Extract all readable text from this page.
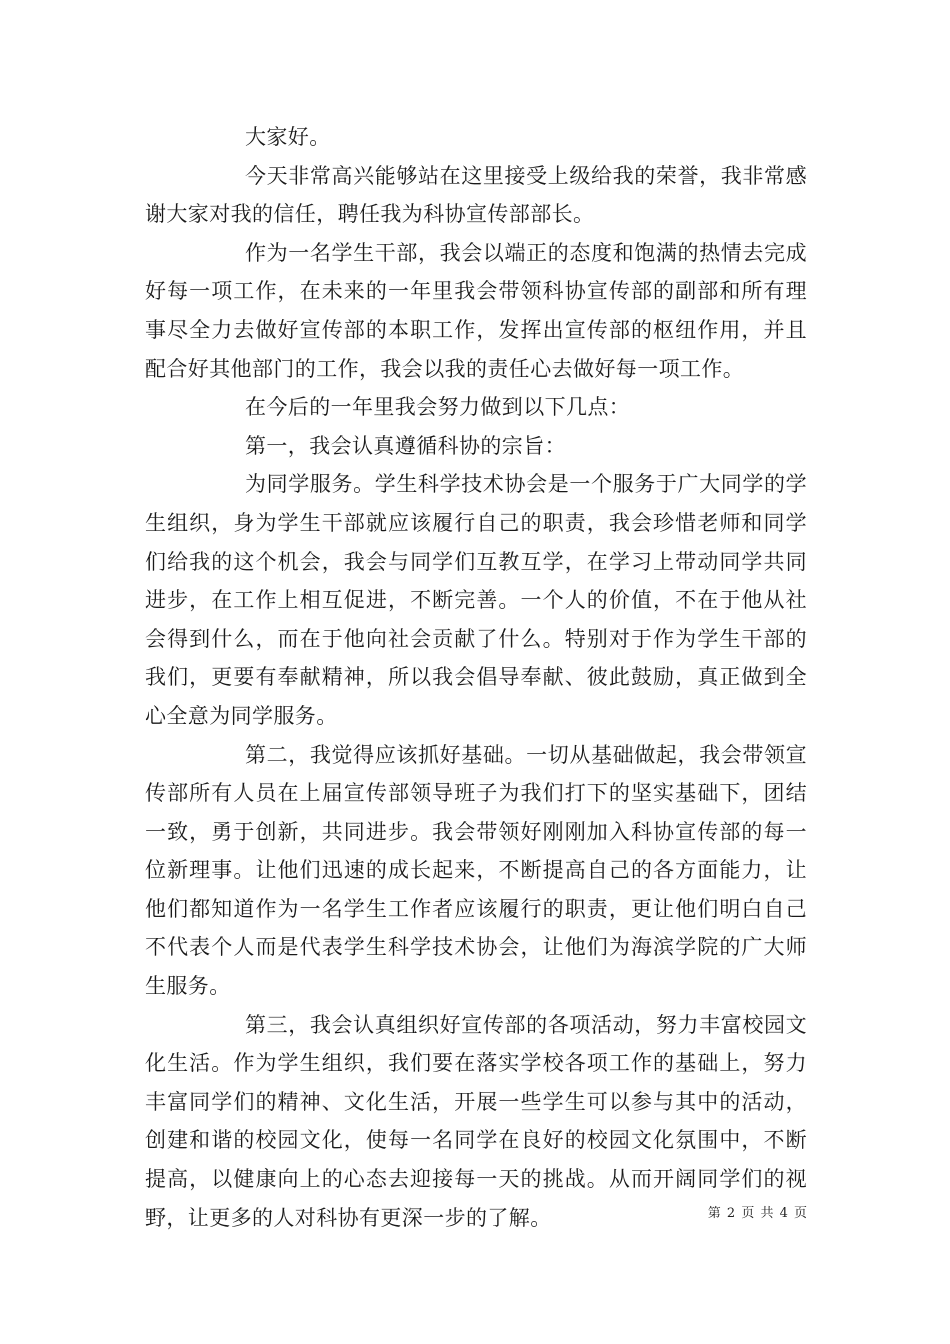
大家好。

今天非常高兴能够站在这里接受上级给我的荣誉，我非常感谢大家对我的信任，聘任我为科协宣传部部长。

作为一名学生干部，我会以端正的态度和饱满的热情去完成好每一项工作，在未来的一年里我会带领科协宣传部的副部和所有理事尽全力去做好宣传部的本职工作，发挥出宣传部的枢纽作用，并且配合好其他部门的工作，我会以我的责任心去做好每一项工作。

在今后的一年里我会努力做到以下几点：

第一，我会认真遵循科协的宗旨：

为同学服务。学生科学技术协会是一个服务于广大同学的学生组织，身为学生干部就应该履行自己的职责，我会珍惜老师和同学们给我的这个机会，我会与同学们互教互学，在学习上带动同学共同进步，在工作上相互促进，不断完善。一个人的价值，不在于他从社会得到什么，而在于他向社会贡献了什么。特别对于作为学生干部的我们，更要有奉献精神，所以我会倡导奉献、彼此鼓励，真正做到全心全意为同学服务。

第二，我觉得应该抓好基础。一切从基础做起，我会带领宣传部所有人员在上届宣传部领导班子为我们打下的坚实基础下，团结一致，勇于创新，共同进步。我会带领好刚刚加入科协宣传部的每一位新理事。让他们迅速的成长起来，不断提高自己的各方面能力，让他们都知道作为一名学生工作者应该履行的职责，更让他们明白自己不代表个人而是代表学生科学技术协会，让他们为海滨学院的广大师生服务。

第三，我会认真组织好宣传部的各项活动，努力丰富校园文化生活。作为学生组织，我们要在落实学校各项工作的基础上，努力丰富同学们的精神、文化生活，开展一些学生可以参与其中的活动，创建和谐的校园文化，使每一名同学在良好的校园文化氛围中，不断提高，以健康向上的心态去迎接每一天的挑战。从而开阔同学们的视野，让更多的人对科协有更深一步的了解。	第 2 页 共 4 页
